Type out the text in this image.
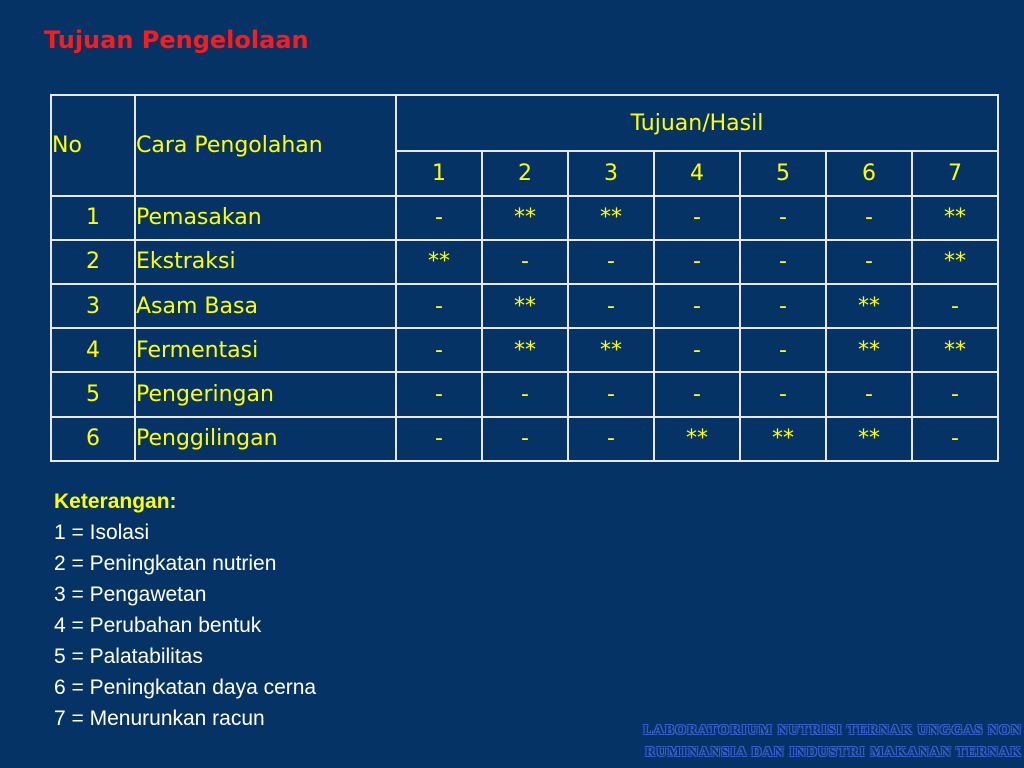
Tujuan Pengelolaan
No	Cara Pengolahan	Tujuan/Hasil						
		1	2	3	4	5	6	7
1	Pemasakan	-	**	**	-	-	-	**
2	Ekstraksi	**	-	-	-	-	-	**
3	Asam Basa	-	**	-	-	-	**	-
4	Fermentasi	-	**	**	-	-	**	**
5	Pengeringan	-	-	-	-	-	-	-
6	Penggilingan	-	-	-	**	**	**	-
Keterangan:
1 = Isolasi
2 = Peningkatan nutrien
3 = Pengawetan
4 = Perubahan bentuk
5 = Palatabilitas
6 = Peningkatan daya cerna
7 = Menurunkan racun
LABORATORIUM NUTRISI TERNAK UNGGAS NON
RUMINANSIA DAN INDUSTRI MAKANAN TERNAK
